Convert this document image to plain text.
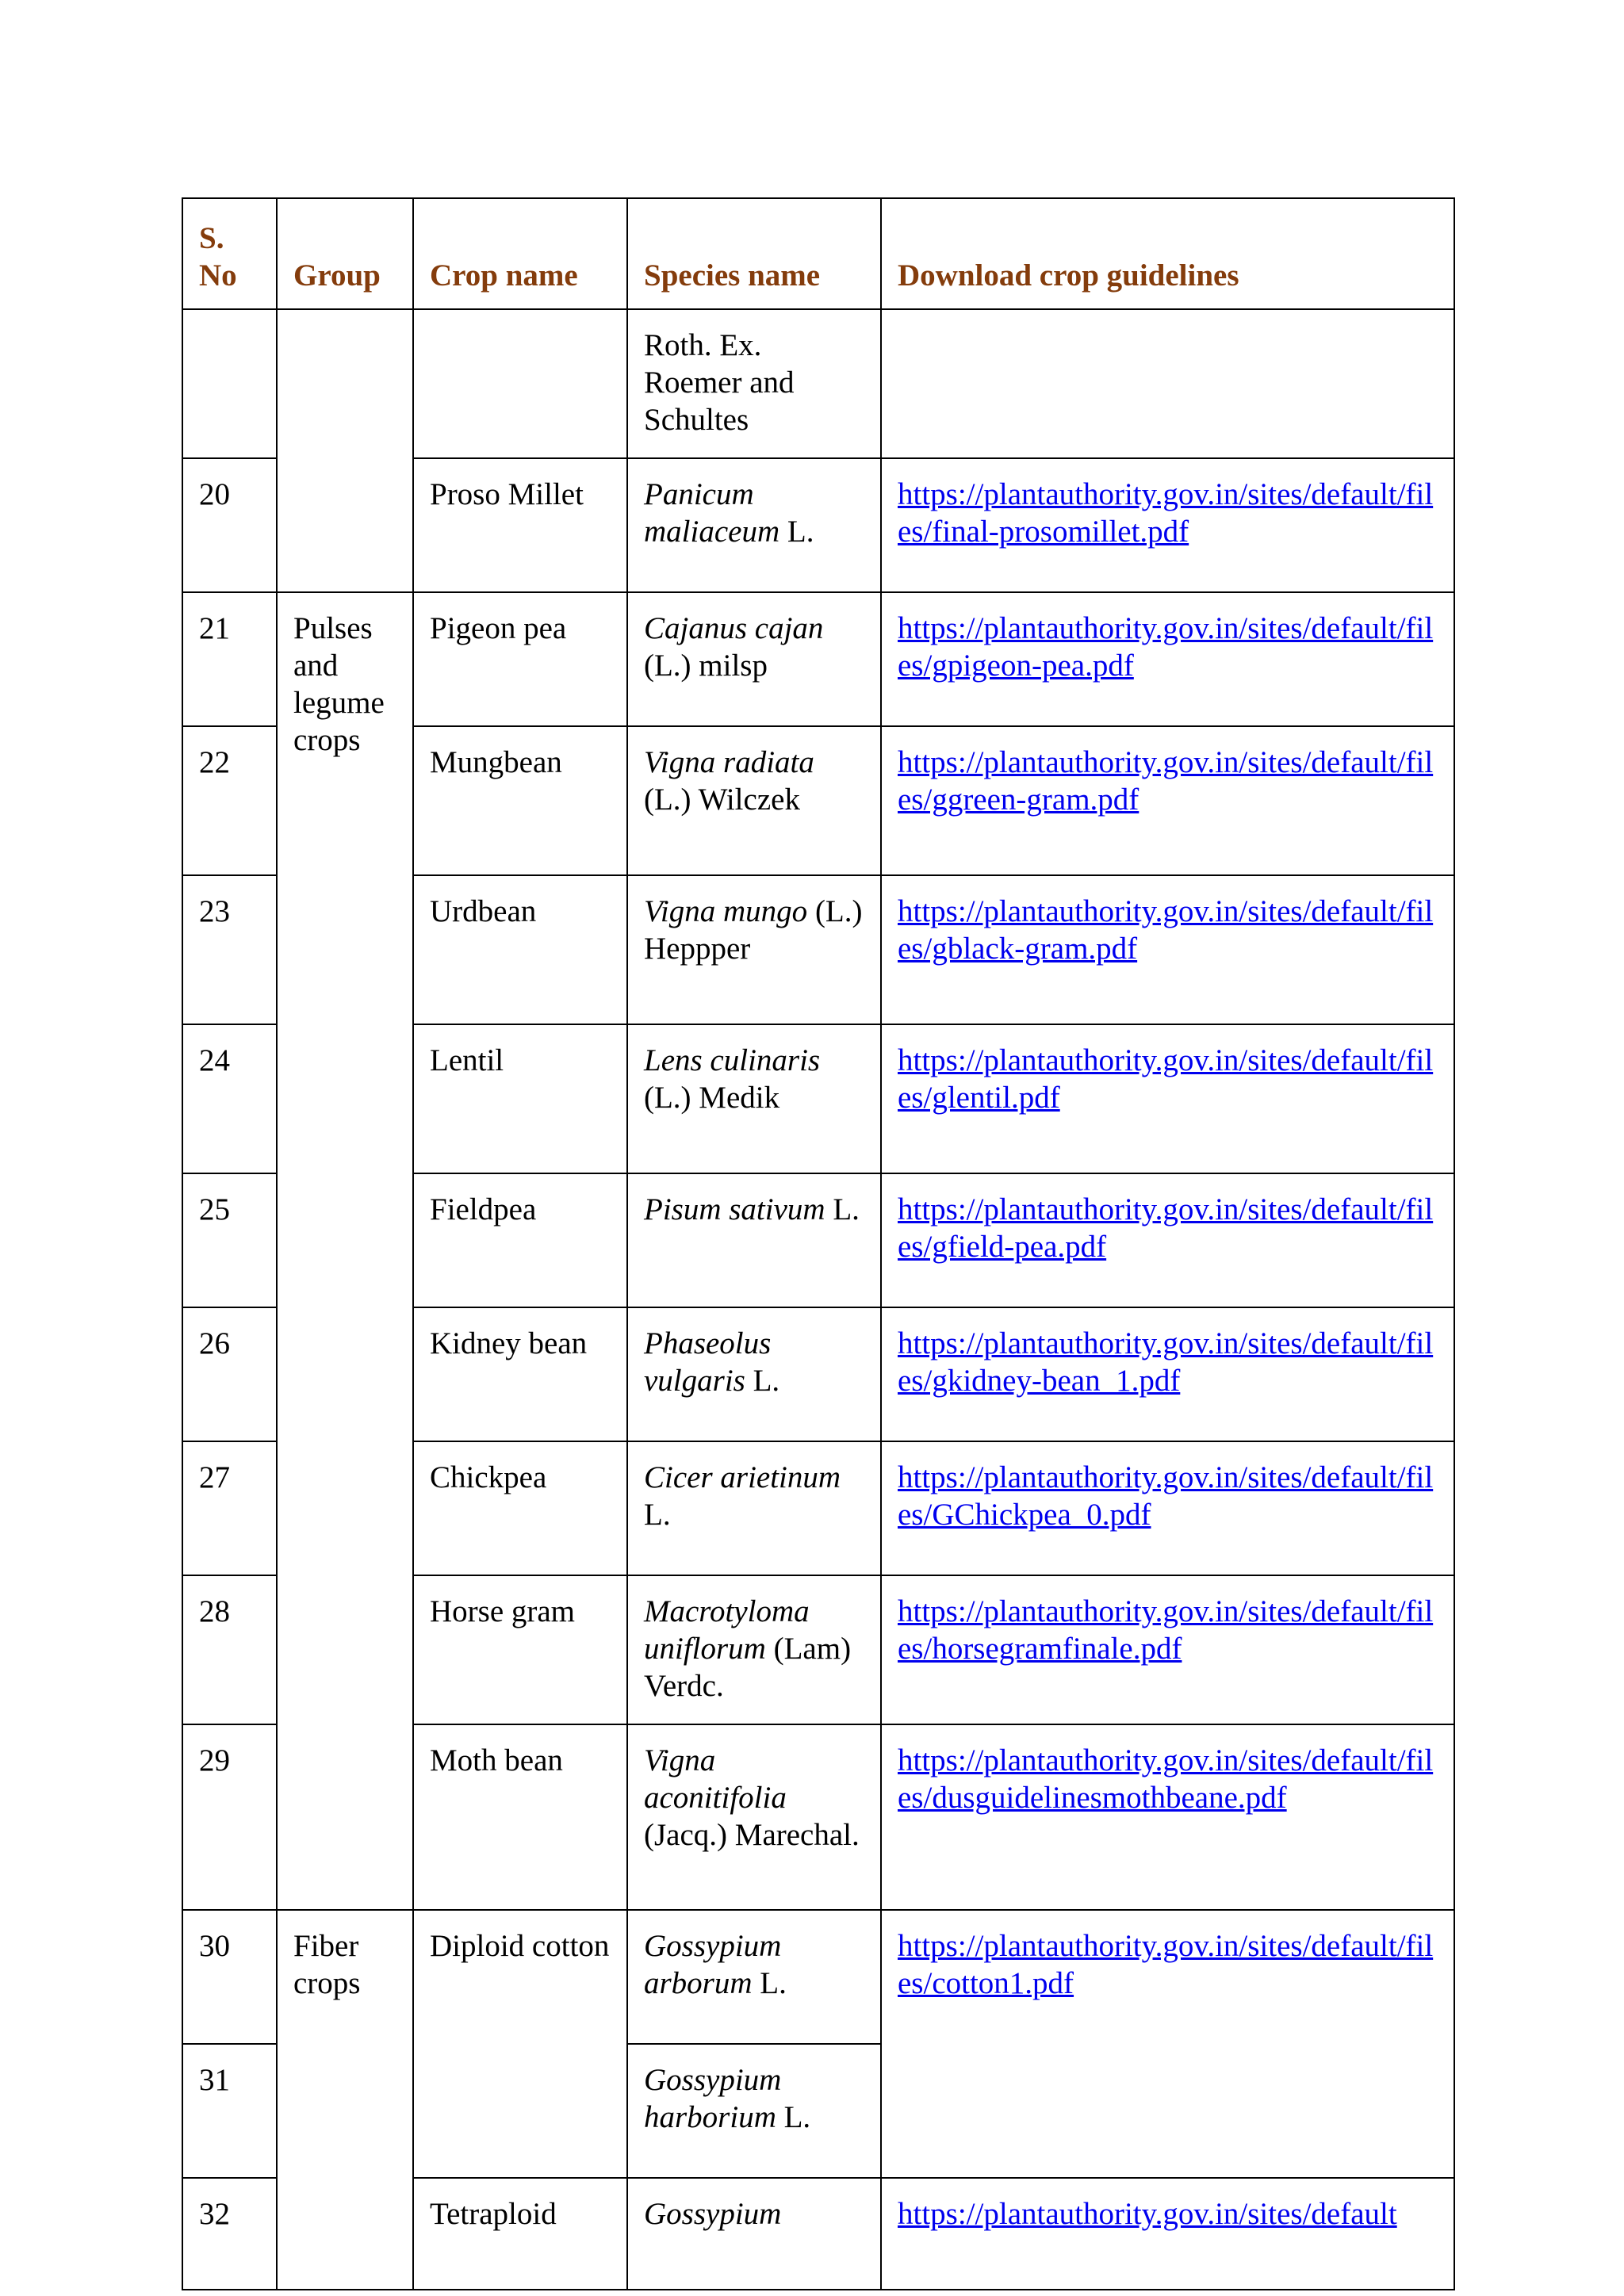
S. No	Group	Crop name	Species name	Download crop guidelines
			Roth. Ex. Roemer and Schultes	
20		Proso Millet	Panicum maliaceum L.	https://plantauthority.gov.in/sites/default/files/final-prosomillet.pdf
21	Pulses and legume crops	Pigeon pea	Cajanus cajan (L.) milsp	https://plantauthority.gov.in/sites/default/files/gpigeon-pea.pdf
22		Mungbean	Vigna radiata (L.) Wilczek	https://plantauthority.gov.in/sites/default/files/ggreen-gram.pdf
23		Urdbean	Vigna mungo (L.) Heppper	https://plantauthority.gov.in/sites/default/files/gblack-gram.pdf
24		Lentil	Lens culinaris (L.) Medik	https://plantauthority.gov.in/sites/default/files/glentil.pdf
25		Fieldpea	Pisum sativum L.	https://plantauthority.gov.in/sites/default/files/gfield-pea.pdf
26		Kidney bean	Phaseolus vulgaris L.	https://plantauthority.gov.in/sites/default/files/gkidney-bean_1.pdf
27		Chickpea	Cicer arietinum L.	https://plantauthority.gov.in/sites/default/files/GChickpea_0.pdf
28		Horse gram	Macrotyloma uniflorum (Lam) Verdc.	https://plantauthority.gov.in/sites/default/files/horsegramfinale.pdf
29		Moth bean	Vigna aconitifolia (Jacq.) Marechal.	https://plantauthority.gov.in/sites/default/files/dusguidelinesmothbeane.pdf
30	Fiber crops	Diploid cotton	Gossypium arborum L.	https://plantauthority.gov.in/sites/default/files/cotton1.pdf
31			Gossypium harborium L.	
32		Tetraploid	Gossypium	https://plantauthority.gov.in/sites/default
